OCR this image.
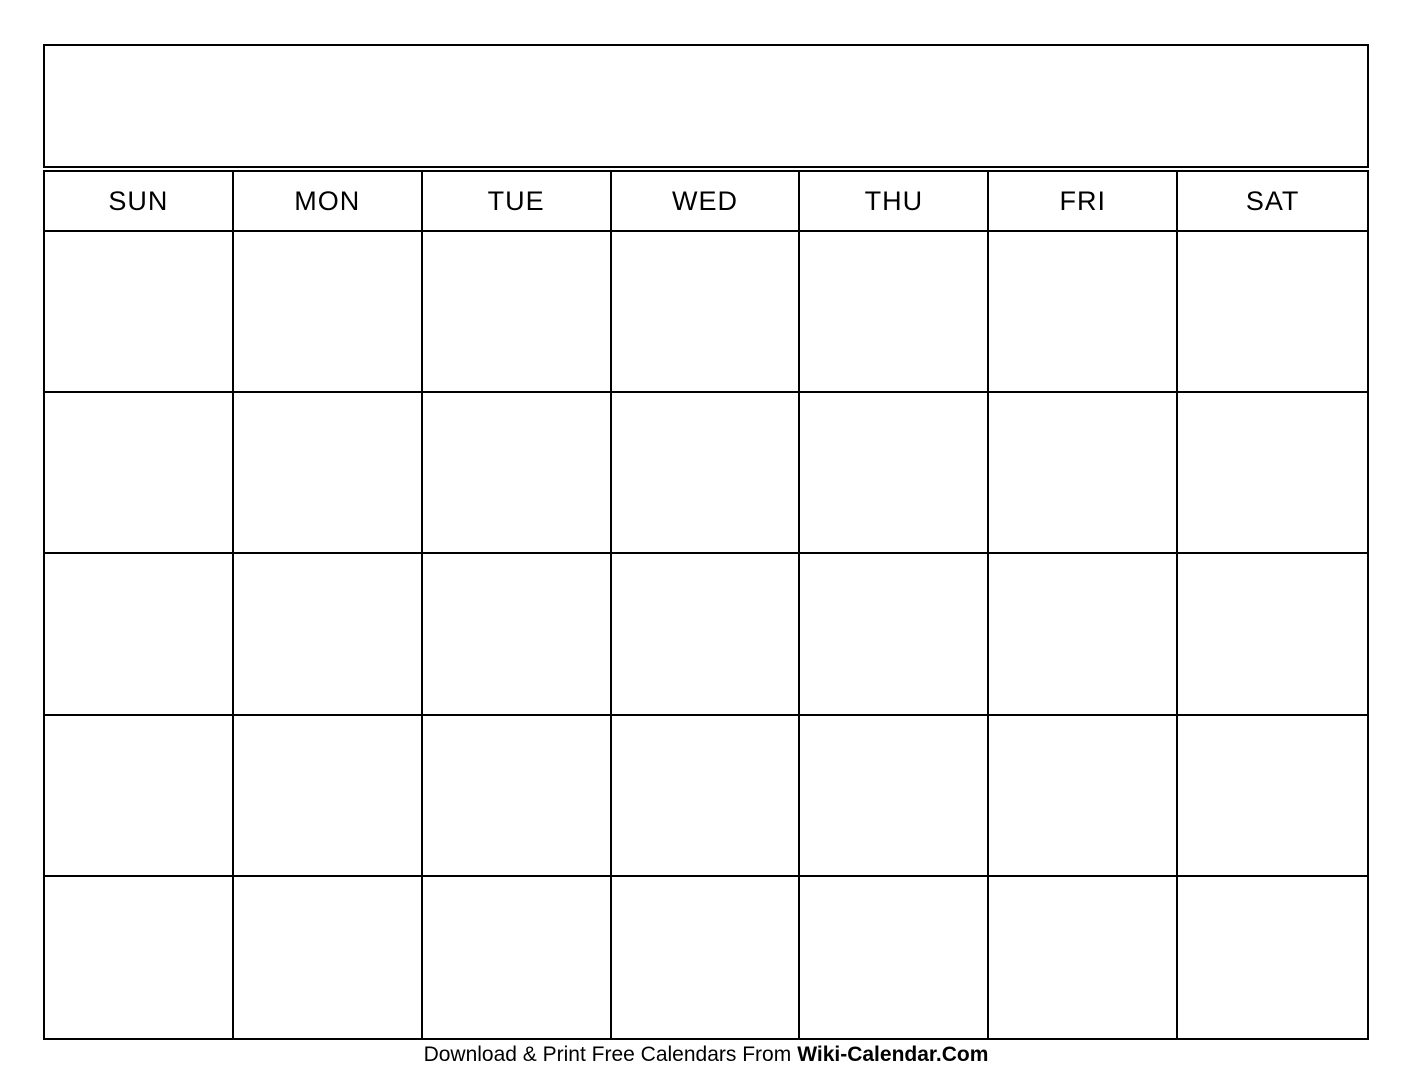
SUN	MON	TUE	WED	THU	FRI	SAT
Download & Print Free Calendars From Wiki-Calendar.Com
